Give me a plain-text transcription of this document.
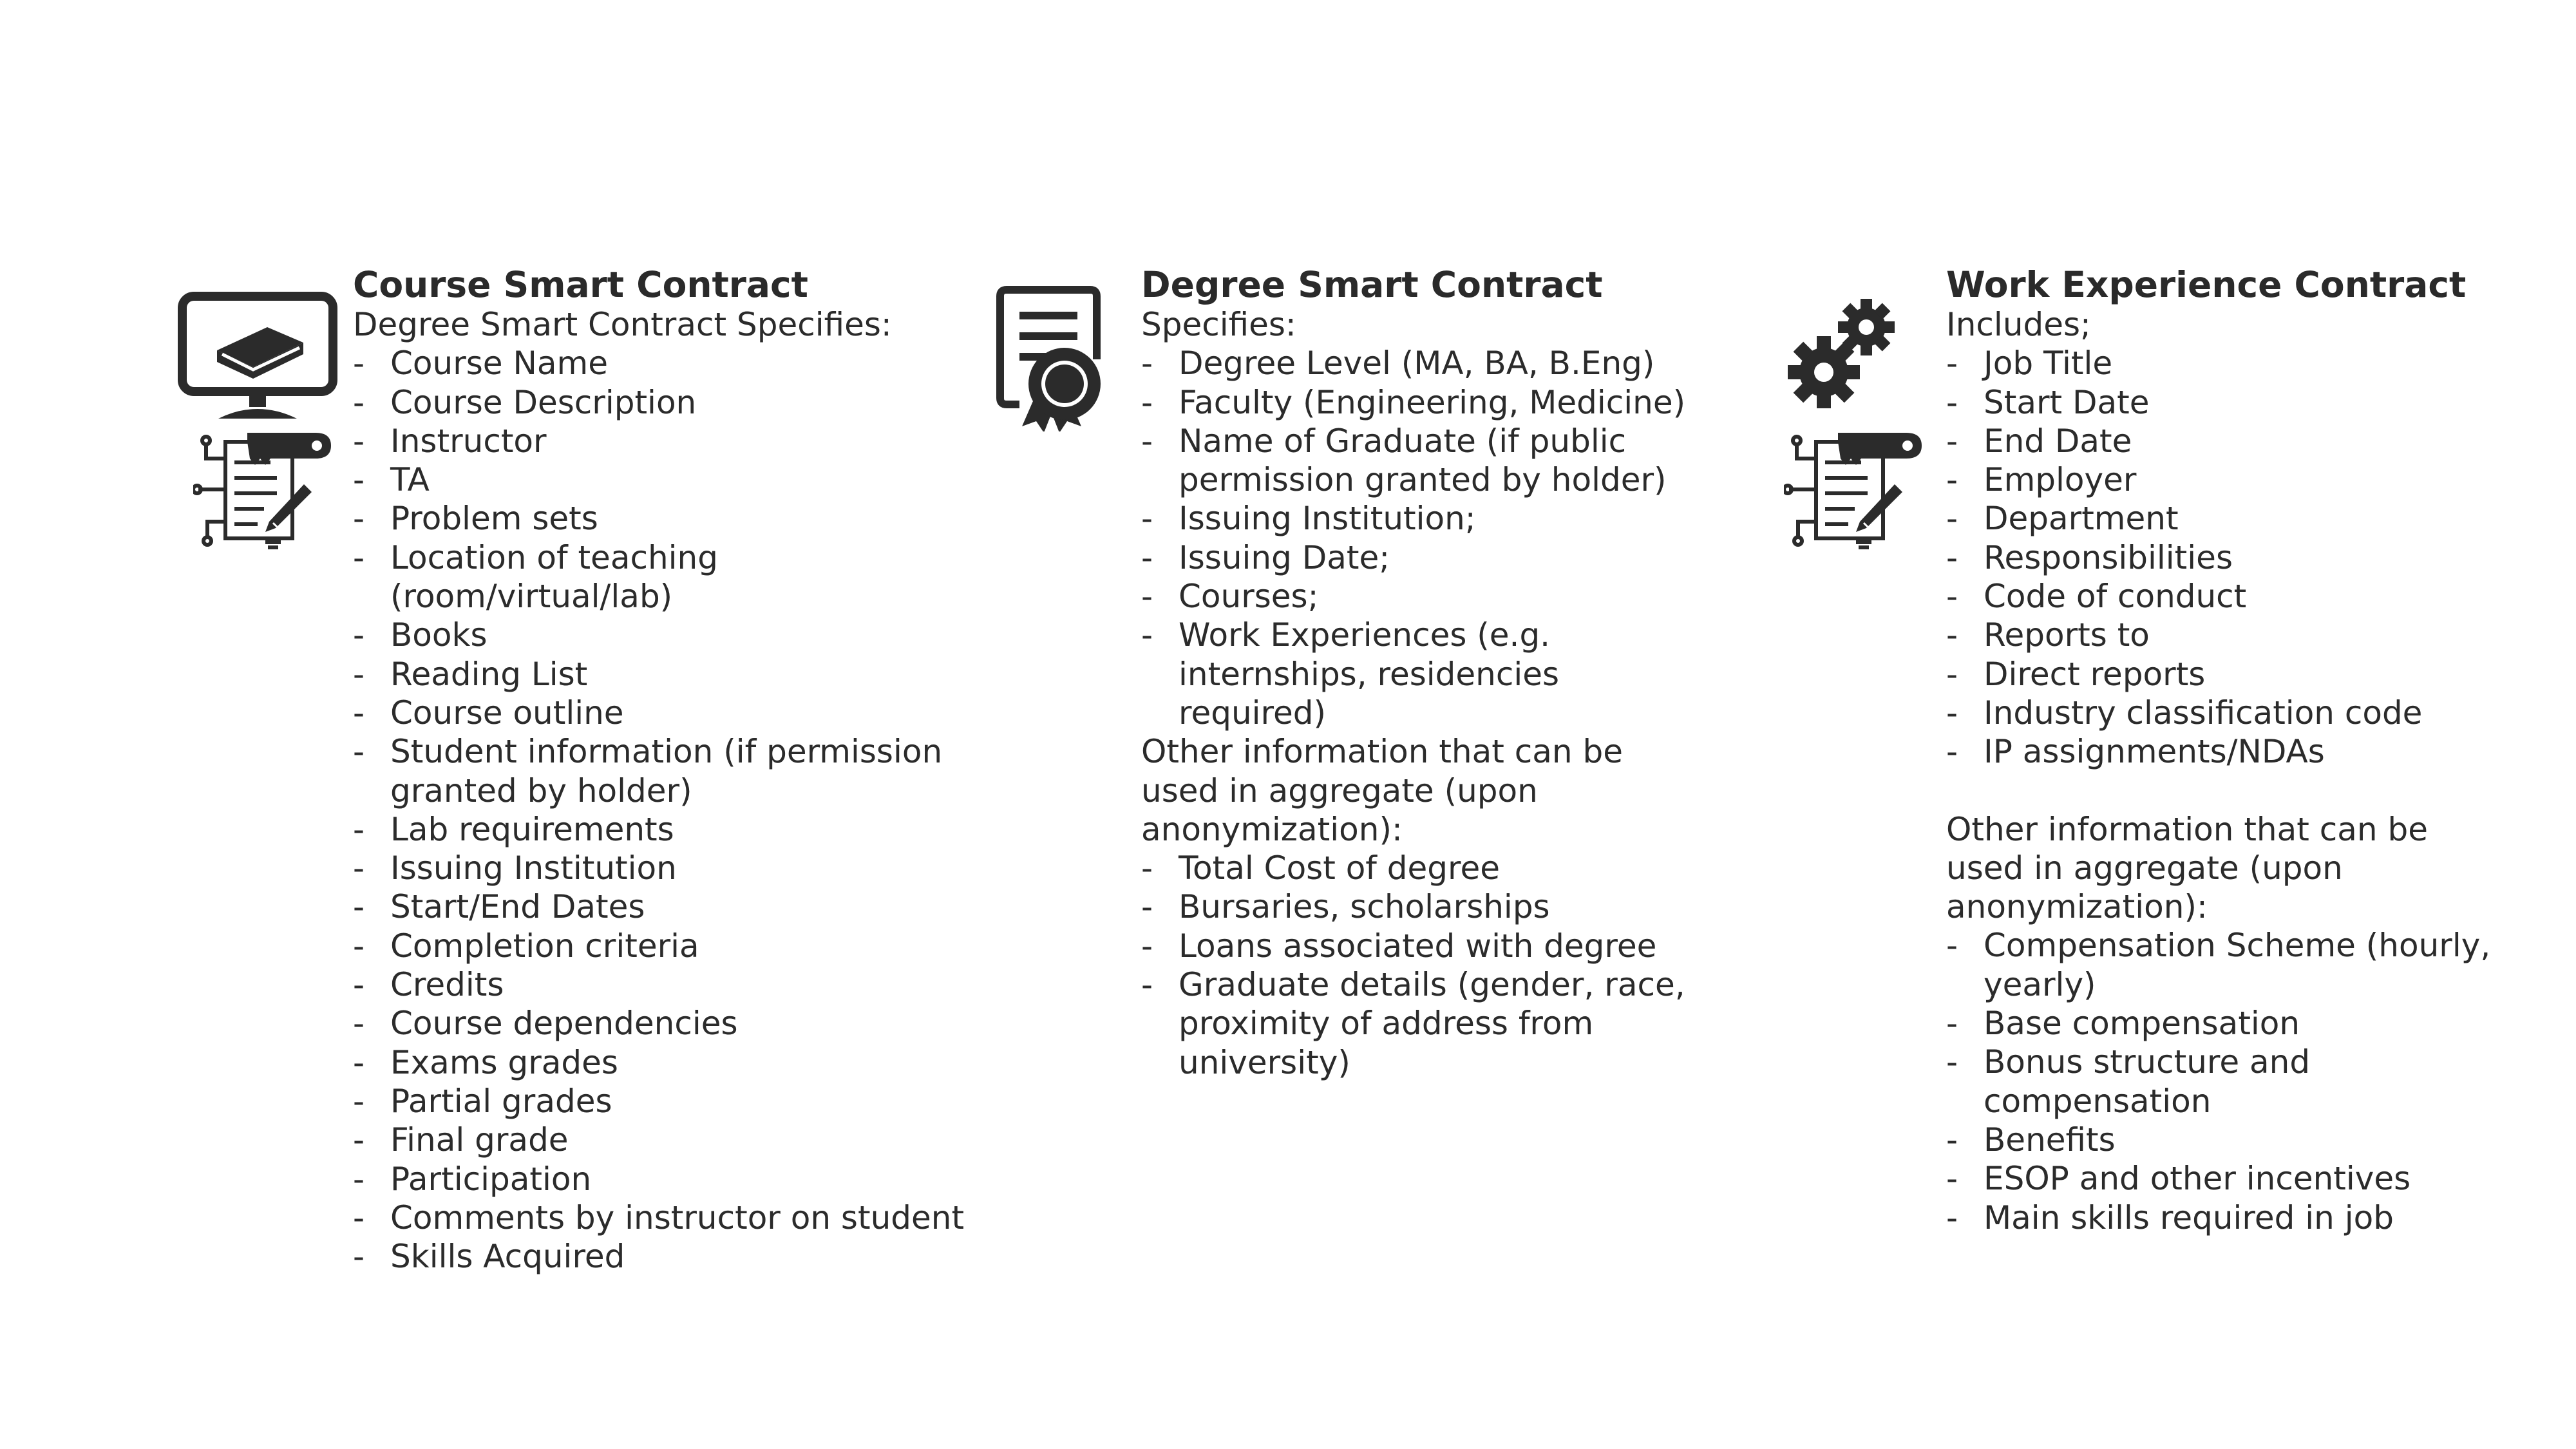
Course Smart Contract

Degree Smart Contract Specifies:

- Course Name
- Course Description
- Instructor
- TA
- Problem sets
- Location of teaching (room/virtual/lab)
- Books
- Reading List
- Course outline
- Student information (if permission granted by holder)
- Lab requirements
- Issuing Institution
- Start/End Dates
- Completion criteria
- Credits
- Course dependencies
- Exams grades
- Partial grades
- Final grade
- Participation
- Comments by instructor on student
- Skills Acquired
Degree Smart Contract

Specifies:

- Degree Level (MA, BA, B.Eng)
- Faculty (Engineering, Medicine)
- Name of Graduate (if public permission granted by holder)
- Issuing Institution;
- Issuing Date;
- Courses;
- Work Experiences (e.g. internships, residencies required)

Other information that can be used in aggregate (upon anonymization):

- Total Cost of degree
- Bursaries, scholarships
- Loans associated with degree
- Graduate details (gender, race, proximity of address from university)
Work Experience Contract

Includes;

- Job Title
- Start Date
- End Date
- Employer
- Department
- Responsibilities
- Code of conduct
- Reports to
- Direct reports
- Industry classification code
- IP assignments/NDAs

Other information that can be used in aggregate (upon anonymization):

- Compensation Scheme (hourly, yearly)
- Base compensation
- Bonus structure and compensation
- Benefits
- ESOP and other incentives
- Main skills required in job
